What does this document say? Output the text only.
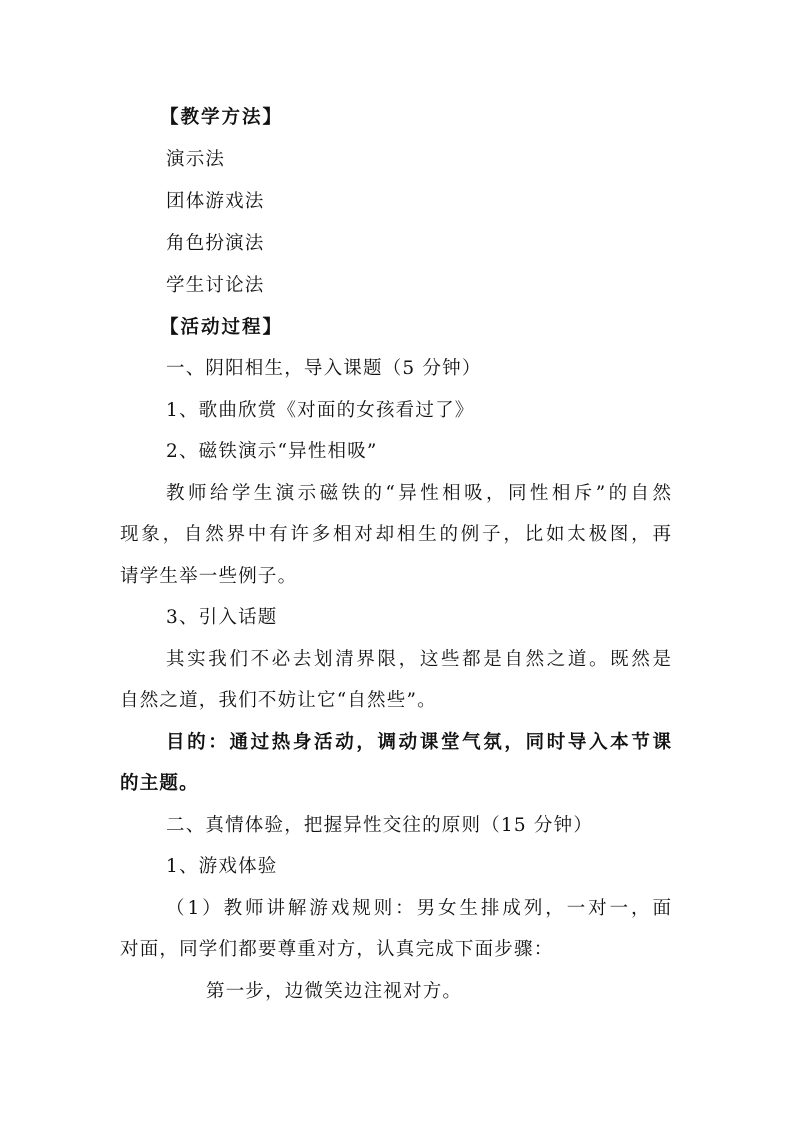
【教学方法】
演示法
团体游戏法
角色扮演法
学生讨论法
【活动过程】
一、阴阳相生，导入课题（5 分钟）
1、歌曲欣赏《对面的女孩看过了》
2、磁铁演示“异性相吸”
教师给学生演示磁铁的“异性相吸，同性相斥”的自然
现象，自然界中有许多相对却相生的例子，比如太极图，再
请学生举一些例子。
3、引入话题
其实我们不必去划清界限，这些都是自然之道。既然是
自然之道，我们不妨让它“自然些”。
目的：通过热身活动，调动课堂气氛，同时导入本节课
的主题。
二、真情体验，把握异性交往的原则（15 分钟）
1、游戏体验
（1）教师讲解游戏规则：男女生排成列，一对一，面
对面，同学们都要尊重对方，认真完成下面步骤：
第一步，边微笑边注视对方。
